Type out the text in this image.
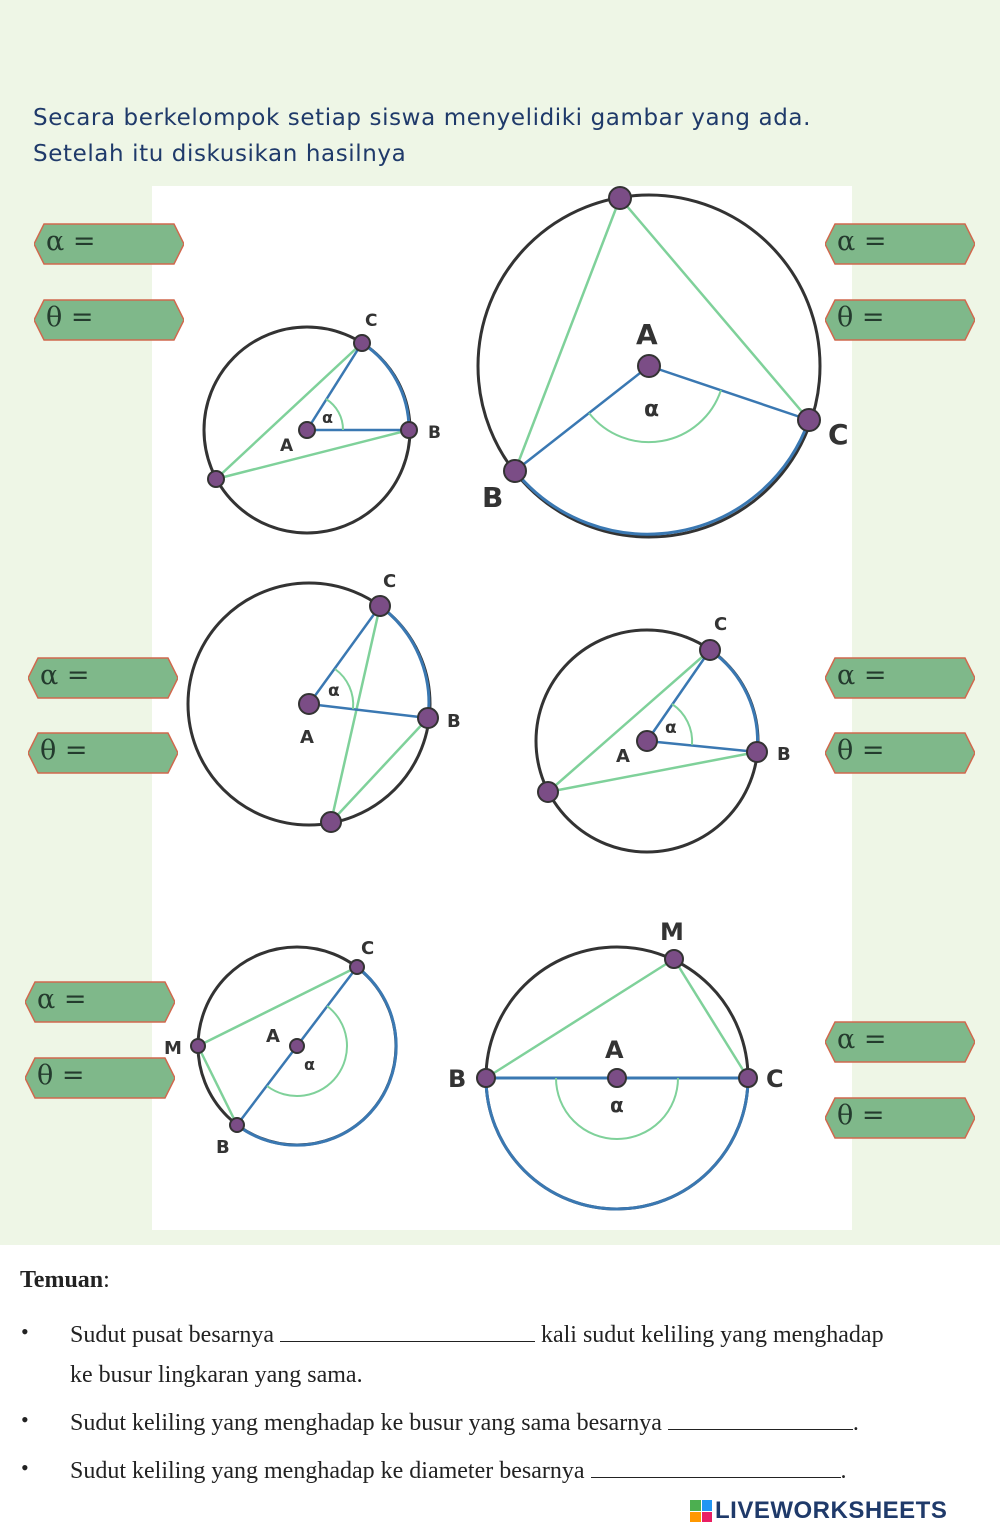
Secara berkelompok setiap siswa menyelidiki gambar yang ada.
Setelah itu diskusikan hasilnya
A
B
C
α
A
B
C
α
A
B
C
α
A	B
C
α
A
B
C
M
α
A
B	C
M
α
α =
θ =
α =
θ =
α =
θ =
α =
θ =
α =
θ =
α =
θ =
Temuan:
• Sudut pusat besarnya	kali sudut keliling yang menghadap
ke busur lingkaran yang sama.
• Sudut keliling yang menghadap ke busur yang sama besarnya	.
• Sudut keliling yang menghadap ke diameter besarnya	.
LIVEWORKSHEETS
